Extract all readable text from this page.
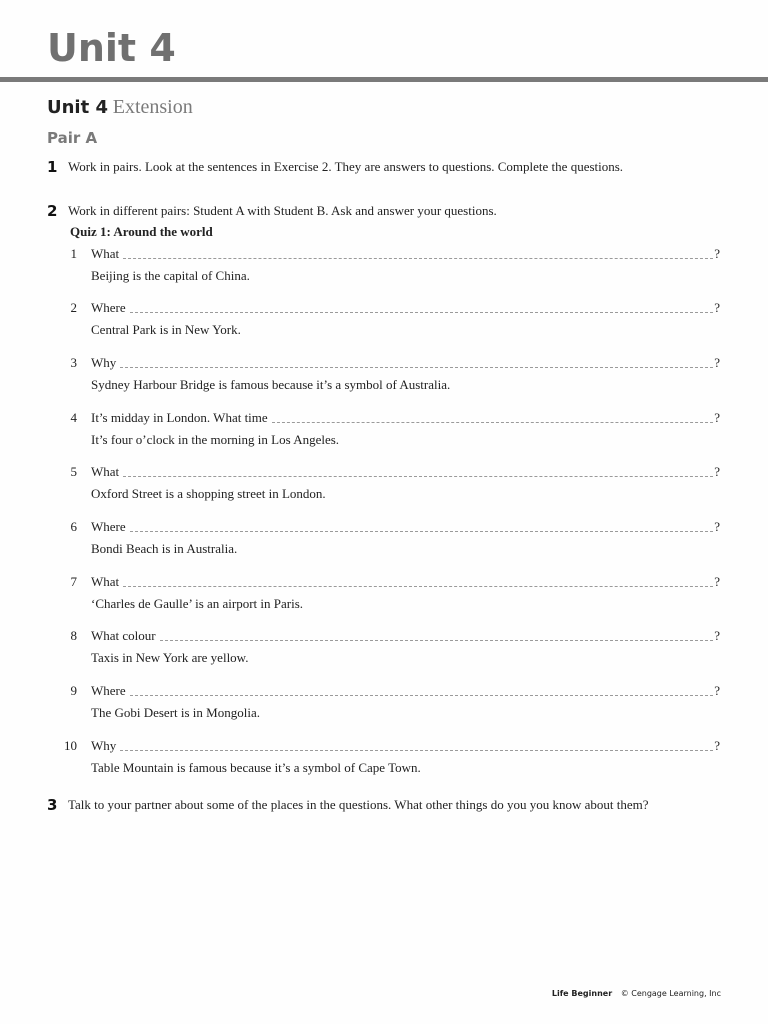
Unit 4
Unit 4 Extension
Pair A
1 Work in pairs. Look at the sentences in Exercise 2. They are answers to questions. Complete the questions.
2 Work in different pairs: Student A with Student B. Ask and answer your questions.
Quiz 1: Around the world
1 What	?
Beijing is the capital of China.
2 Where	?
Central Park is in New York.
3 Why	?
Sydney Harbour Bridge is famous because it’s a symbol of Australia.
4 It’s midday in London. What time	?
It’s four o’clock in the morning in Los Angeles.
5 What	?
Oxford Street is a shopping street in London.
6 Where	?
Bondi Beach is in Australia.
7 What	?
‘Charles de Gaulle’ is an airport in Paris.
8 What colour	?
Taxis in New York are yellow.
9 Where	?
The Gobi Desert is in Mongolia.
10 Why	?
Table Mountain is famous because it’s a symbol of Cape Town.
3 Talk to your partner about some of the places in the questions. What other things do you you know about them?
Life Beginner © Cengage Learning, Inc
